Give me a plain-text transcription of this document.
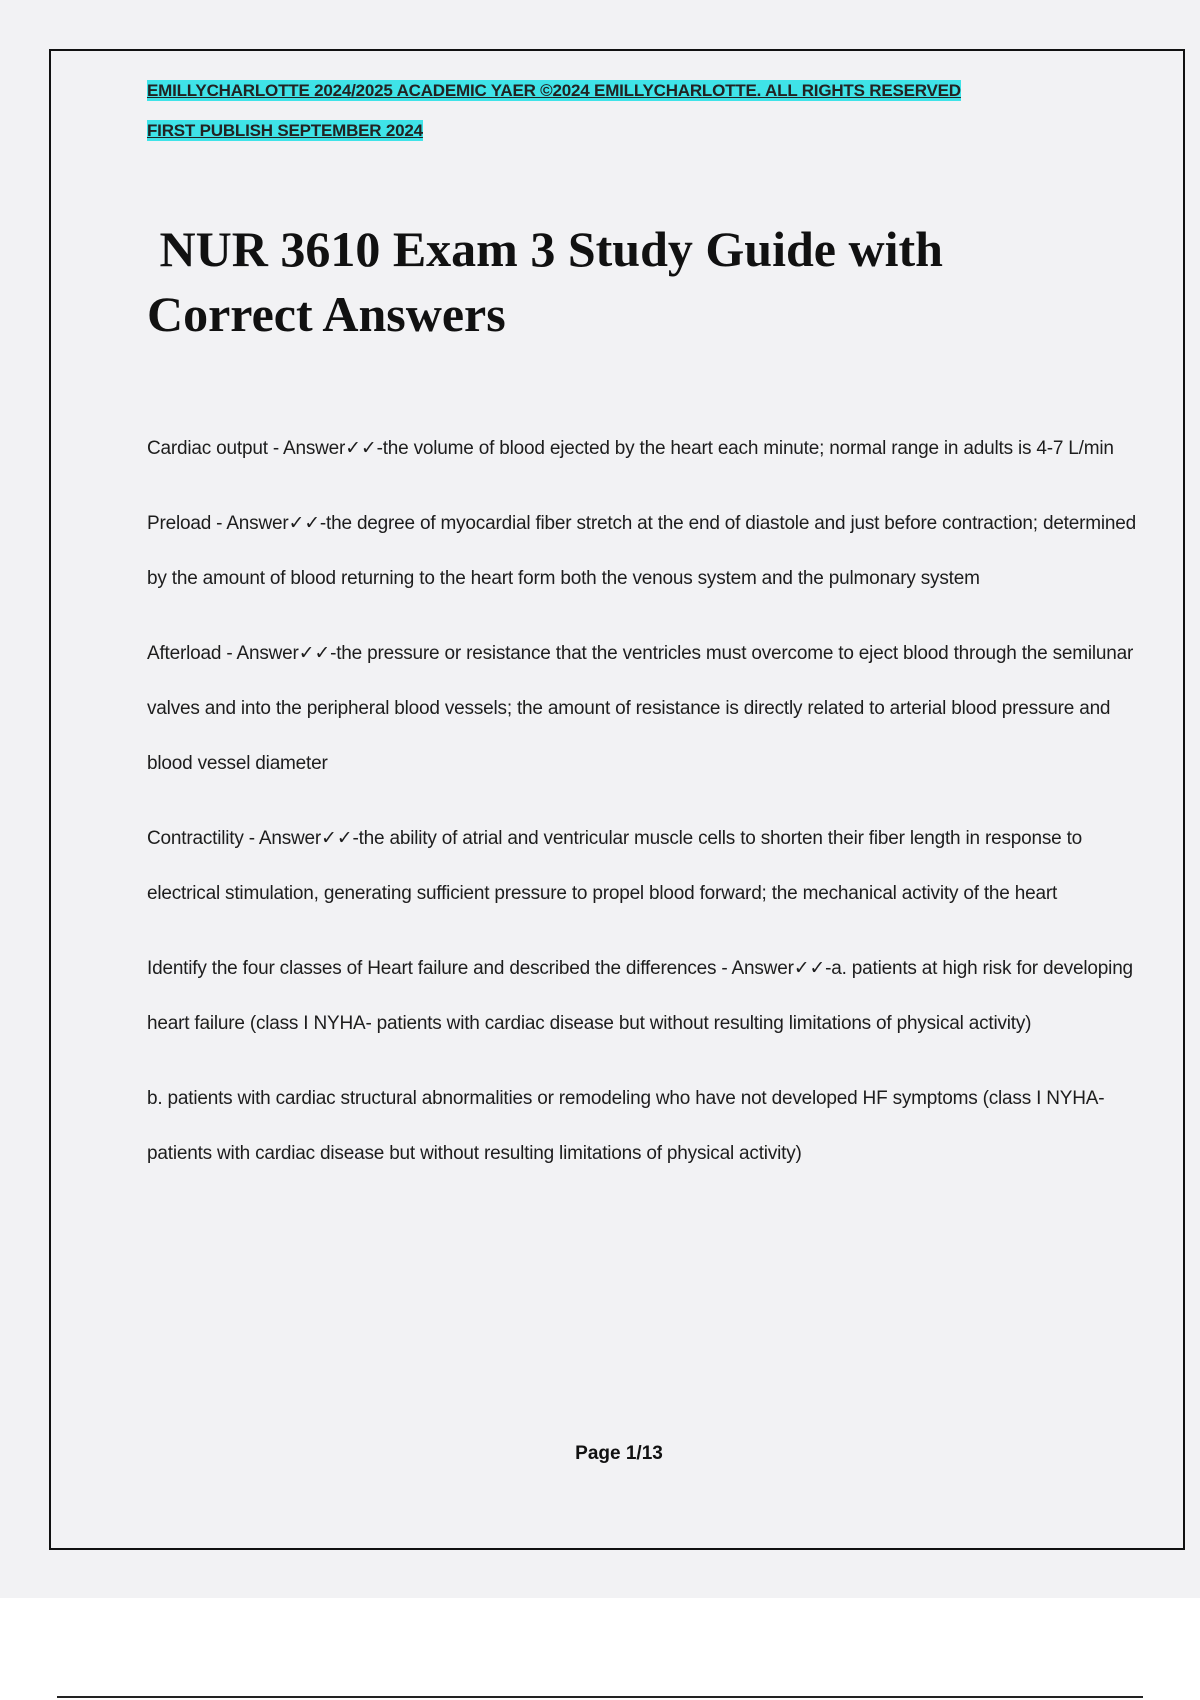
EMILLYCHARLOTTE 2024/2025 ACADEMIC YAER ©2024 EMILLYCHARLOTTE. ALL RIGHTS RESERVED
FIRST PUBLISH SEPTEMBER 2024
NUR 3610 Exam 3 Study Guide with
Correct Answers

Cardiac output - Answer✓✓-the volume of blood ejected by the heart each minute; normal range in adults is 4-7 L/min

Preload - Answer✓✓-the degree of myocardial fiber stretch at the end of diastole and just before contraction; determined by the amount of blood returning to the heart form both the venous system and the pulmonary system

Afterload - Answer✓✓-the pressure or resistance that the ventricles must overcome to eject blood through the semilunar valves and into the peripheral blood vessels; the amount of resistance is directly related to arterial blood pressure and blood vessel diameter

Contractility - Answer✓✓-the ability of atrial and ventricular muscle cells to shorten their fiber length in response to electrical stimulation, generating sufficient pressure to propel blood forward; the mechanical activity of the heart

Identify the four classes of Heart failure and described the differences - Answer✓✓-a. patients at high risk for developing heart failure (class I NYHA- patients with cardiac disease but without resulting limitations of physical activity)

b. patients with cardiac structural abnormalities or remodeling who have not developed HF symptoms (class I NYHA- patients with cardiac disease but without resulting limitations of physical activity)

Page 1/13
